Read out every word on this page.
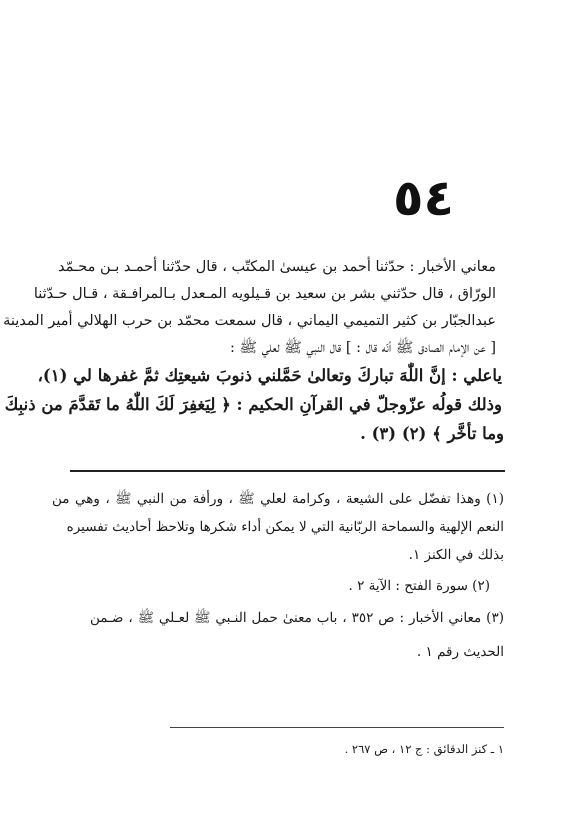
٥٤
معاني الأخبار : حدّثنا أحمد بن عيسىٰ المكتّب ، قال حدّثنا أحمـد بـن محـمّد
الورّاق ، قال حدّثني بشر بن سعيد بن قـيلويه المـعدل بـالمرافـقة ، قـال حـدّثنا
عبدالجبّار بن كثير التميمي اليماني ، قال سمعت محمّد بن حرب الهلالي أمير المدينة
[ عن الإمام الصادق ﷺ أنّه قال : ] قال النبي ﷺ لعلي ﷺ :
ياعلي : إنَّ اللّٰهَ تباركَ وتعالىٰ حَمَّلني ذنوبَ شيعتِك ثمَّ غفرها لي (١)،
وذلك قولُه عزّوجلّ في القرآنِ الحكيم : ﴿ لِيَغفِرَ لَكَ اللّٰهُ ما تَقدَّمَ من ذنبِكَ
وما تأخَّر ﴾ (٢) (٣) .
(١) وهذا تفضّل على الشيعة ، وكرامة لعلي ﷺ ، ورأفة من النبي ﷺ ، وهي من
النعم الإلهية والسماحة الربّانية التي لا يمكن أداء شكرها وتلاحظ أحاديث تفسيره
بذلك في الكنز ١.
(٢) سورة الفتح : الآية ٢ .
(٣) معاني الأخبار : ص ٣٥٢ ، باب معنىٰ حمل النـبي ﷺ لعـلي ﷺ ، ضـمن
الحديث رقم ١ .
١ ـ كنز الدقائق : ج ١٢ ، ص ٢٦٧ .
